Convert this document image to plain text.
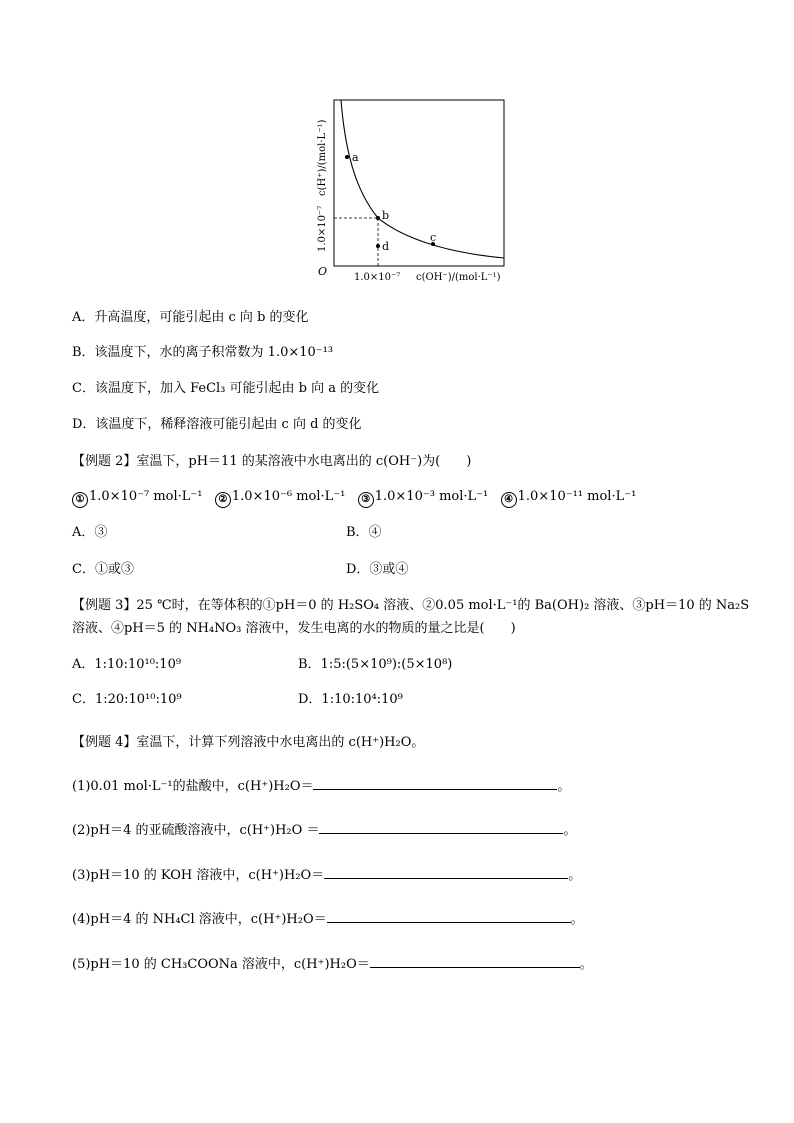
a
b
c
d
O	1.0×10⁻⁷ c(OH⁻)/(mol·L⁻¹)
1.0×10⁻⁷
c(H⁺)/(mol·L⁻¹)
A．升高温度，可能引起由 c 向 b 的变化
B．该温度下，水的离子积常数为 1.0×10⁻¹³
C．该温度下，加入 FeCl₃ 可能引起由 b 向 a 的变化
D．该温度下，稀释溶液可能引起由 c 向 d 的变化
【例题 2】室温下，pH＝11 的某溶液中水电离出的 c(OH⁻)为(　　)
① 1.0×10⁻⁷ mol·L⁻¹ ② 1.0×10⁻⁶ mol·L⁻¹ ③ 1.0×10⁻³ mol·L⁻¹ ④ 1.0×10⁻¹¹ mol·L⁻¹
A．③	B．④
C．①或③	D．③或④
【例题 3】25 ℃时，在等体积的①pH＝0 的 H₂SO₄ 溶液、②0.05 mol·L⁻¹的 Ba(OH)₂ 溶液、③pH＝10 的 Na₂S
溶液、④pH＝5 的 NH₄NO₃ 溶液中，发生电离的水的物质的量之比是(　　)
A．1:10:10¹⁰:10⁹	B．1:5:(5×10⁹):(5×10⁸)
C．1:20:10¹⁰:10⁹	D．1:10:10⁴:10⁹
【例题 4】室温下，计算下列溶液中水电离出的 c(H⁺)H₂O。
(1)0.01 mol·L⁻¹的盐酸中，c(H⁺)H₂O＝	。
(2)pH＝4 的亚硫酸溶液中，c(H⁺)H₂O ＝	。
(3)pH＝10 的 KOH 溶液中，c(H⁺)H₂O＝	。
(4)pH＝4 的 NH₄Cl 溶液中，c(H⁺)H₂O＝	。
(5)pH＝10 的 CH₃COONa 溶液中，c(H⁺)H₂O＝	。
